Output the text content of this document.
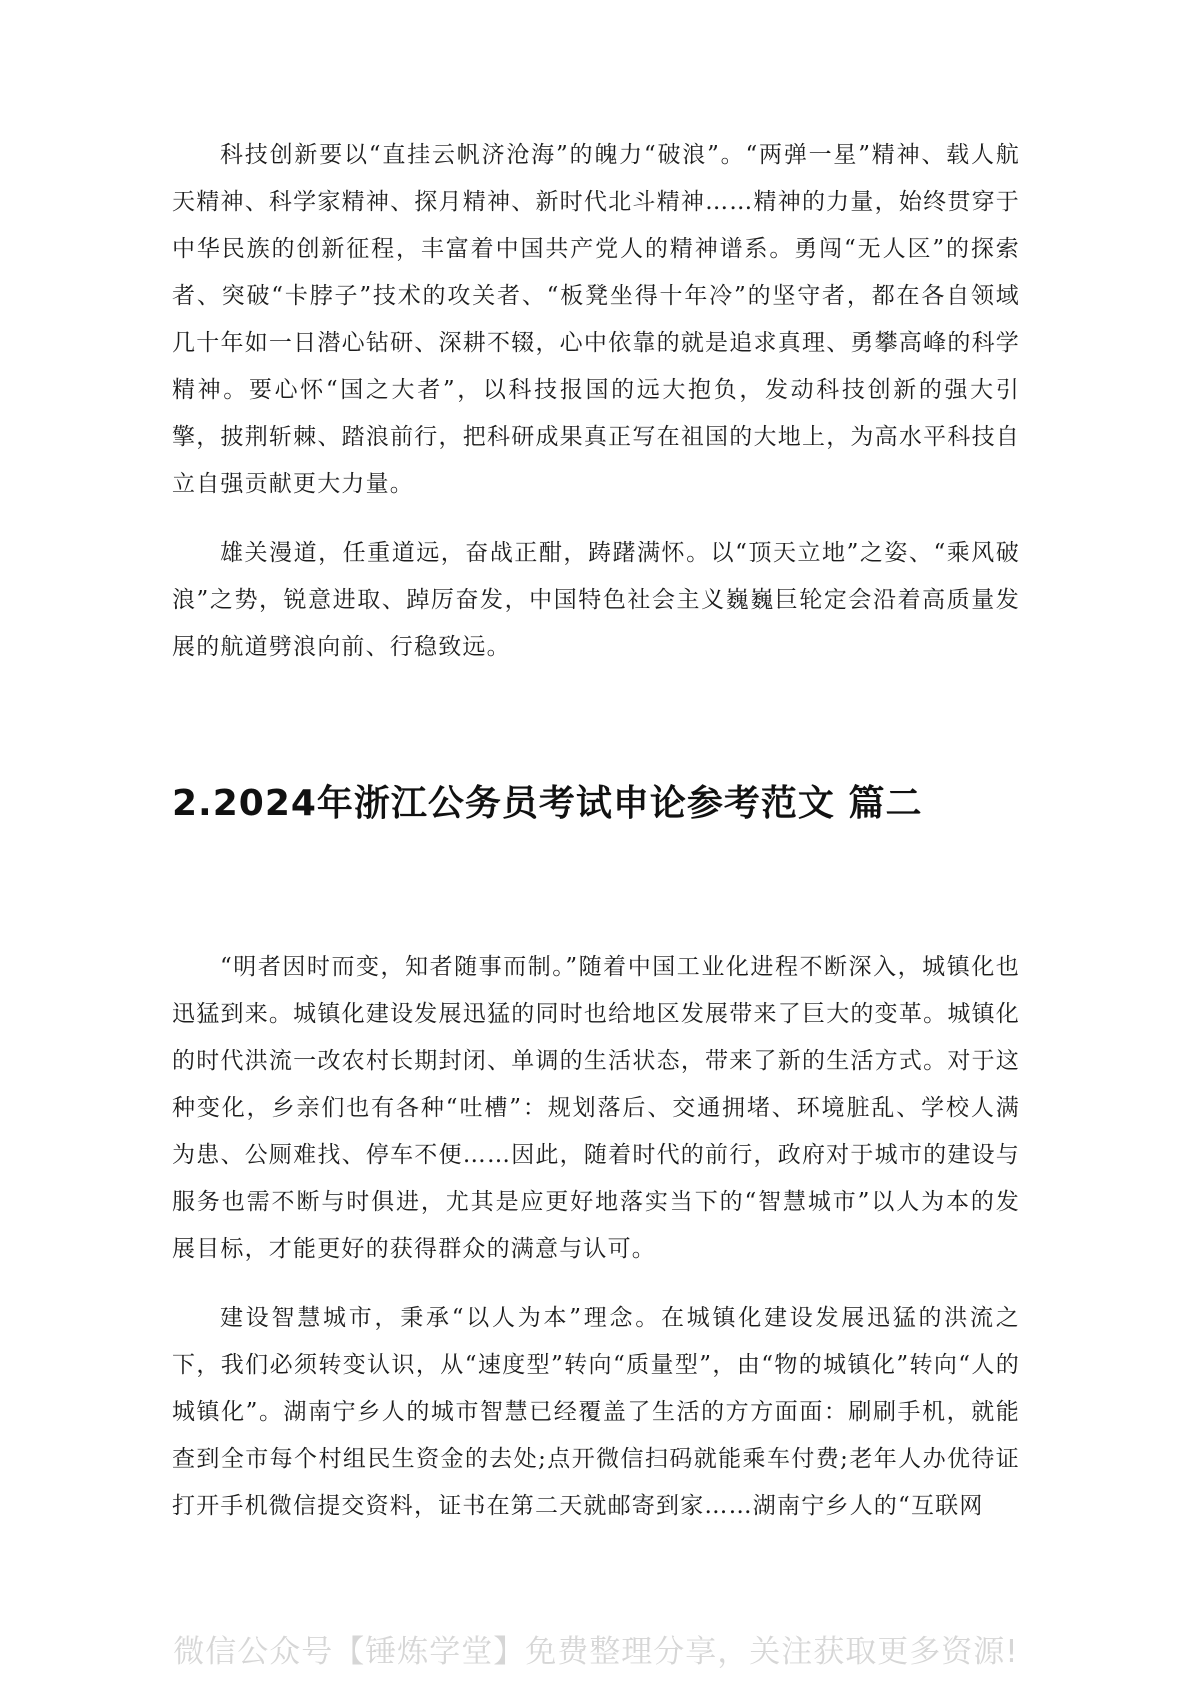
科技创新要以“直挂云帆济沧海”的魄力“破浪”。“两弹一星”精神、载人航天精神、科学家精神、探月精神、新时代北斗精神……精神的力量，始终贯穿于中华民族的创新征程，丰富着中国共产党人的精神谱系。勇闯“无人区”的探索者、突破“卡脖子”技术的攻关者、“板凳坐得十年冷”的坚守者，都在各自领域几十年如一日潜心钻研、深耕不辍，心中依靠的就是追求真理、勇攀高峰的科学精神。要心怀“国之大者”，以科技报国的远大抱负，发动科技创新的强大引擎，披荆斩棘、踏浪前行，把科研成果真正写在祖国的大地上，为高水平科技自立自强贡献更大力量。

雄关漫道，任重道远，奋战正酣，踌躇满怀。以“顶天立地”之姿、“乘风破浪”之势，锐意进取、踔厉奋发，中国特色社会主义巍巍巨轮定会沿着高质量发展的航道劈浪向前、行稳致远。

2.2024年浙江公务员考试申论参考范文 篇二

“明者因时而变，知者随事而制。”随着中国工业化进程不断深入，城镇化也迅猛到来。城镇化建设发展迅猛的同时也给地区发展带来了巨大的变革。城镇化的时代洪流一改农村长期封闭、单调的生活状态，带来了新的生活方式。对于这种变化，乡亲们也有各种“吐槽”：规划落后、交通拥堵、环境脏乱、学校人满为患、公厕难找、停车不便……因此，随着时代的前行，政府对于城市的建设与服务也需不断与时俱进，尤其是应更好地落实当下的“智慧城市”以人为本的发展目标，才能更好的获得群众的满意与认可。

建设智慧城市，秉承“以人为本”理念。在城镇化建设发展迅猛的洪流之下，我们必须转变认识，从“速度型”转向“质量型”，由“物的城镇化”转向“人的城镇化”。湖南宁乡人的城市智慧已经覆盖了生活的方方面面：刷刷手机，就能查到全市每个村组民生资金的去处;点开微信扫码就能乘车付费;老年人办优待证打开手机微信提交资料，证书在第二天就邮寄到家……湖南宁乡人的“互联网

微信公众号【锤炼学堂】免费整理分享，关注获取更多资源!
